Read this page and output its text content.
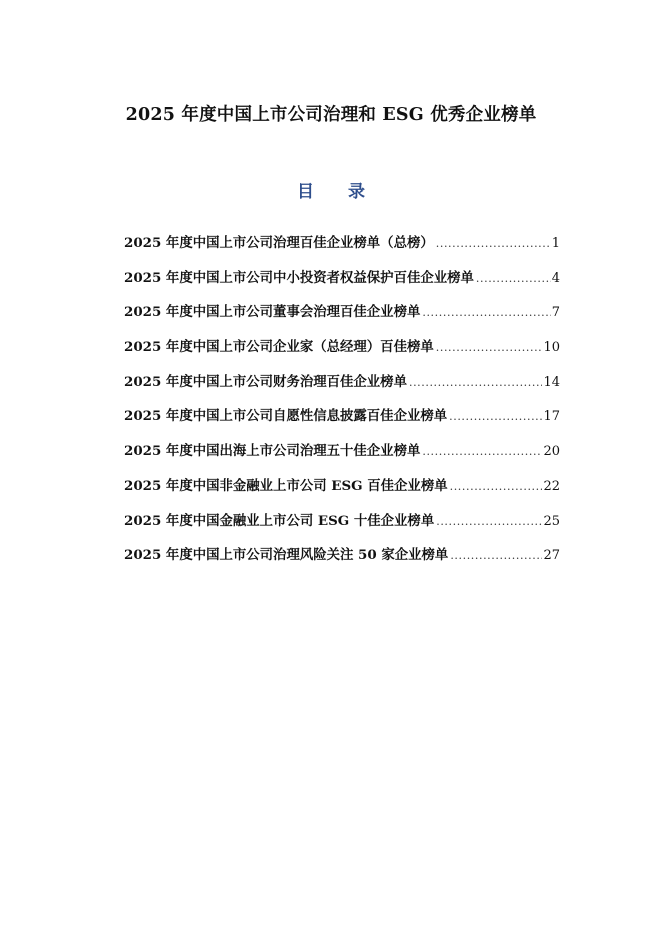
2025 年度中国上市公司治理和 ESG 优秀企业榜单
目 录
2025 年度中国上市公司治理百佳企业榜单（总榜） .....	1
2025 年度中国上市公司中小投资者权益保护百佳企业榜单 .....	4
2025 年度中国上市公司董事会治理百佳企业榜单 .....	7
2025 年度中国上市公司企业家（总经理）百佳榜单 .....	10
2025 年度中国上市公司财务治理百佳企业榜单 .....	14
2025 年度中国上市公司自愿性信息披露百佳企业榜单 .....	17
2025 年度中国出海上市公司治理五十佳企业榜单 .....	20
2025 年度中国非金融业上市公司 ESG 百佳企业榜单 .....	22
2025 年度中国金融业上市公司 ESG 十佳企业榜单 .....	25
2025 年度中国上市公司治理风险关注 50 家企业榜单 .....	27
